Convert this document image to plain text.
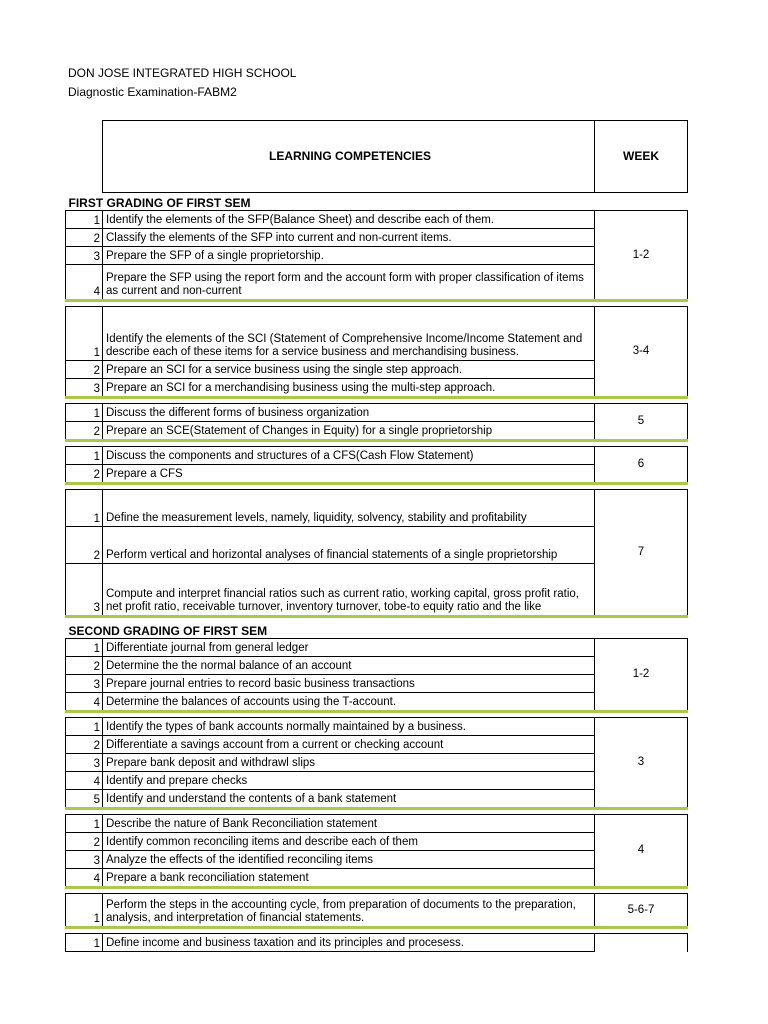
DON JOSE INTEGRATED HIGH SCHOOL
Diagnostic Examination-FABM2
	LEARNING COMPETENCIES	WEEK
FIRST GRADING OF FIRST SEM		
1	Identify the elements of the SFP(Balance Sheet) and describe each of them.	1-2
2	Classify the elements of the SFP into current and non-current items.	
3	Prepare the SFP of a single proprietorship.	
4	Prepare the SFP using the report form and the account form with proper classification of items as current and non-current	

1	Identify the elements of the SCI (Statement of Comprehensive Income/Income Statement and describe each of these items for a service business and merchandising business.	3-4
2	Prepare an SCI for a service business using the single step approach.	
3	Prepare an SCI for a merchandising business using the multi-step approach.	

1	Discuss the different forms of business organization	5
2	Prepare an SCE(Statement of Changes in Equity) for a single proprietorship	

1	Discuss the components and structures of a CFS(Cash Flow Statement)	6
2	Prepare a CFS	

1	Define the measurement levels, namely, liquidity, solvency, stability and profitability	7
2	Perform vertical and horizontal analyses of financial statements of a single proprietorship	
3	Compute and interpret financial ratios such as current ratio, working capital, gross profit ratio, net profit ratio, receivable turnover, inventory turnover, tobe-to equity ratio and the like	
SECOND GRADING OF FIRST SEM		
1	Differentiate journal from general ledger	1-2
2	Determine the the normal balance of an account	
3	Prepare journal entries to record basic business transactions	
4	Determine the balances of accounts using the T-account.	

1	Identify the types of bank accounts normally maintained by a business.	3
2	Differentiate a savings account from a current or checking account	
3	Prepare bank deposit and withdrawl slips	
4	Identify and prepare checks	
5	Identify and understand the contents of a bank statement	

1	Describe the nature of Bank Reconciliation statement	4
2	Identify common reconciling items and describe each of them	
3	Analyze the effects of the identified reconciling items	
4	Prepare a bank reconciliation statement	

1	Perform the steps in the accounting cycle, from preparation of documents to the preparation, analysis, and interpretation of financial statements.	5-6-7

1	Define income and business taxation and its principles and procesess.	
